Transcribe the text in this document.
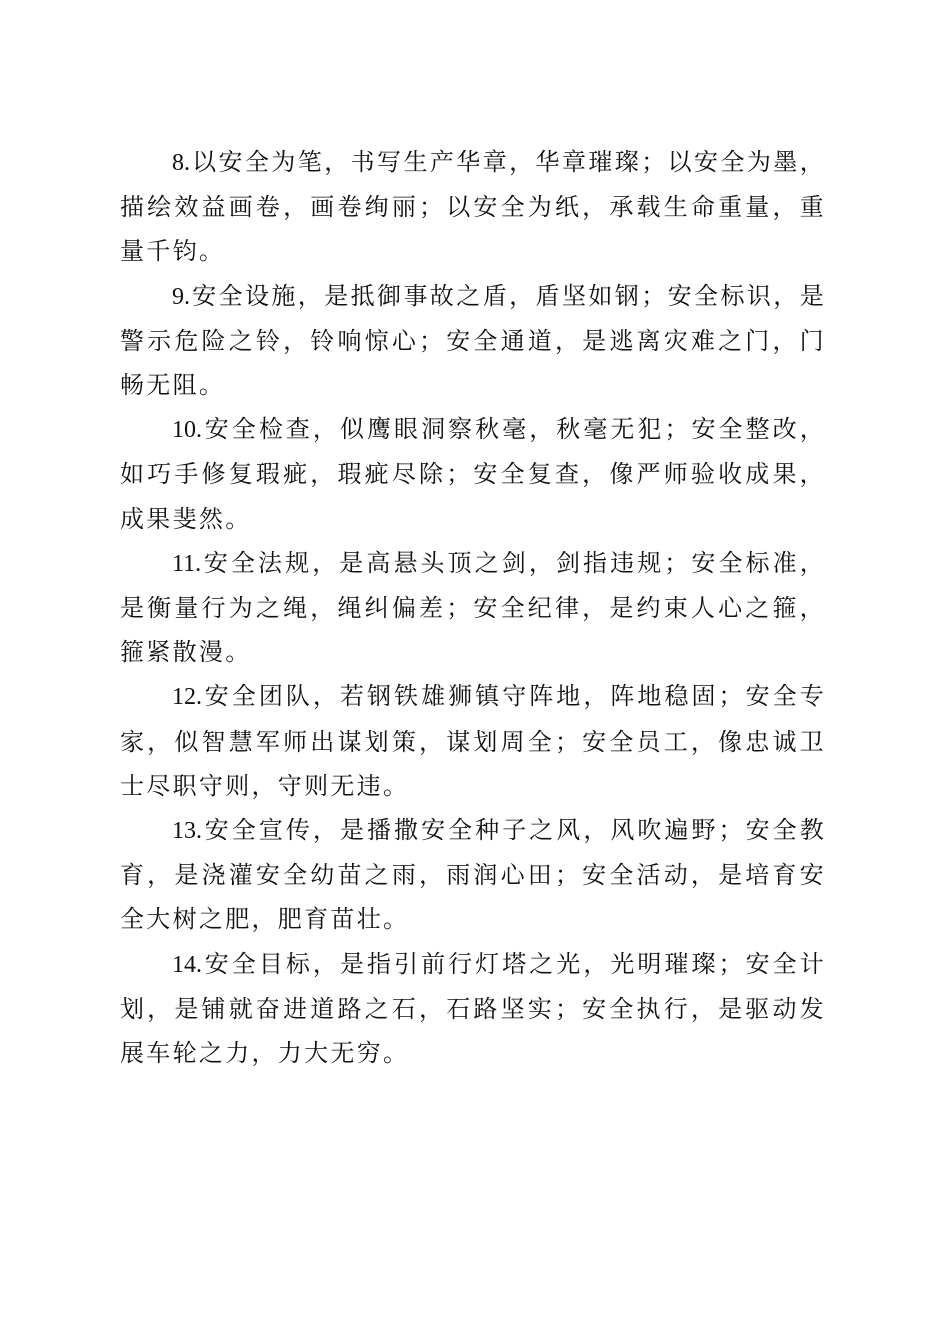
8.以安全为笔，书写生产华章，华章璀璨；以安全为墨，描绘效益画卷，画卷绚丽；以安全为纸，承载生命重量，重量千钧。

9.安全设施，是抵御事故之盾，盾坚如钢；安全标识，是警示危险之铃，铃响惊心；安全通道，是逃离灾难之门，门畅无阻。

10.安全检查，似鹰眼洞察秋毫，秋毫无犯；安全整改，如巧手修复瑕疵，瑕疵尽除；安全复查，像严师验收成果，成果斐然。

11.安全法规，是高悬头顶之剑，剑指违规；安全标准，是衡量行为之绳，绳纠偏差；安全纪律，是约束人心之箍，箍紧散漫。

12.安全团队，若钢铁雄狮镇守阵地，阵地稳固；安全专家，似智慧军师出谋划策，谋划周全；安全员工，像忠诚卫士尽职守则，守则无违。

13.安全宣传，是播撒安全种子之风，风吹遍野；安全教育，是浇灌安全幼苗之雨，雨润心田；安全活动，是培育安全大树之肥，肥育苗壮。

14.安全目标，是指引前行灯塔之光，光明璀璨；安全计划，是铺就奋进道路之石，石路坚实；安全执行，是驱动发展车轮之力，力大无穷。
